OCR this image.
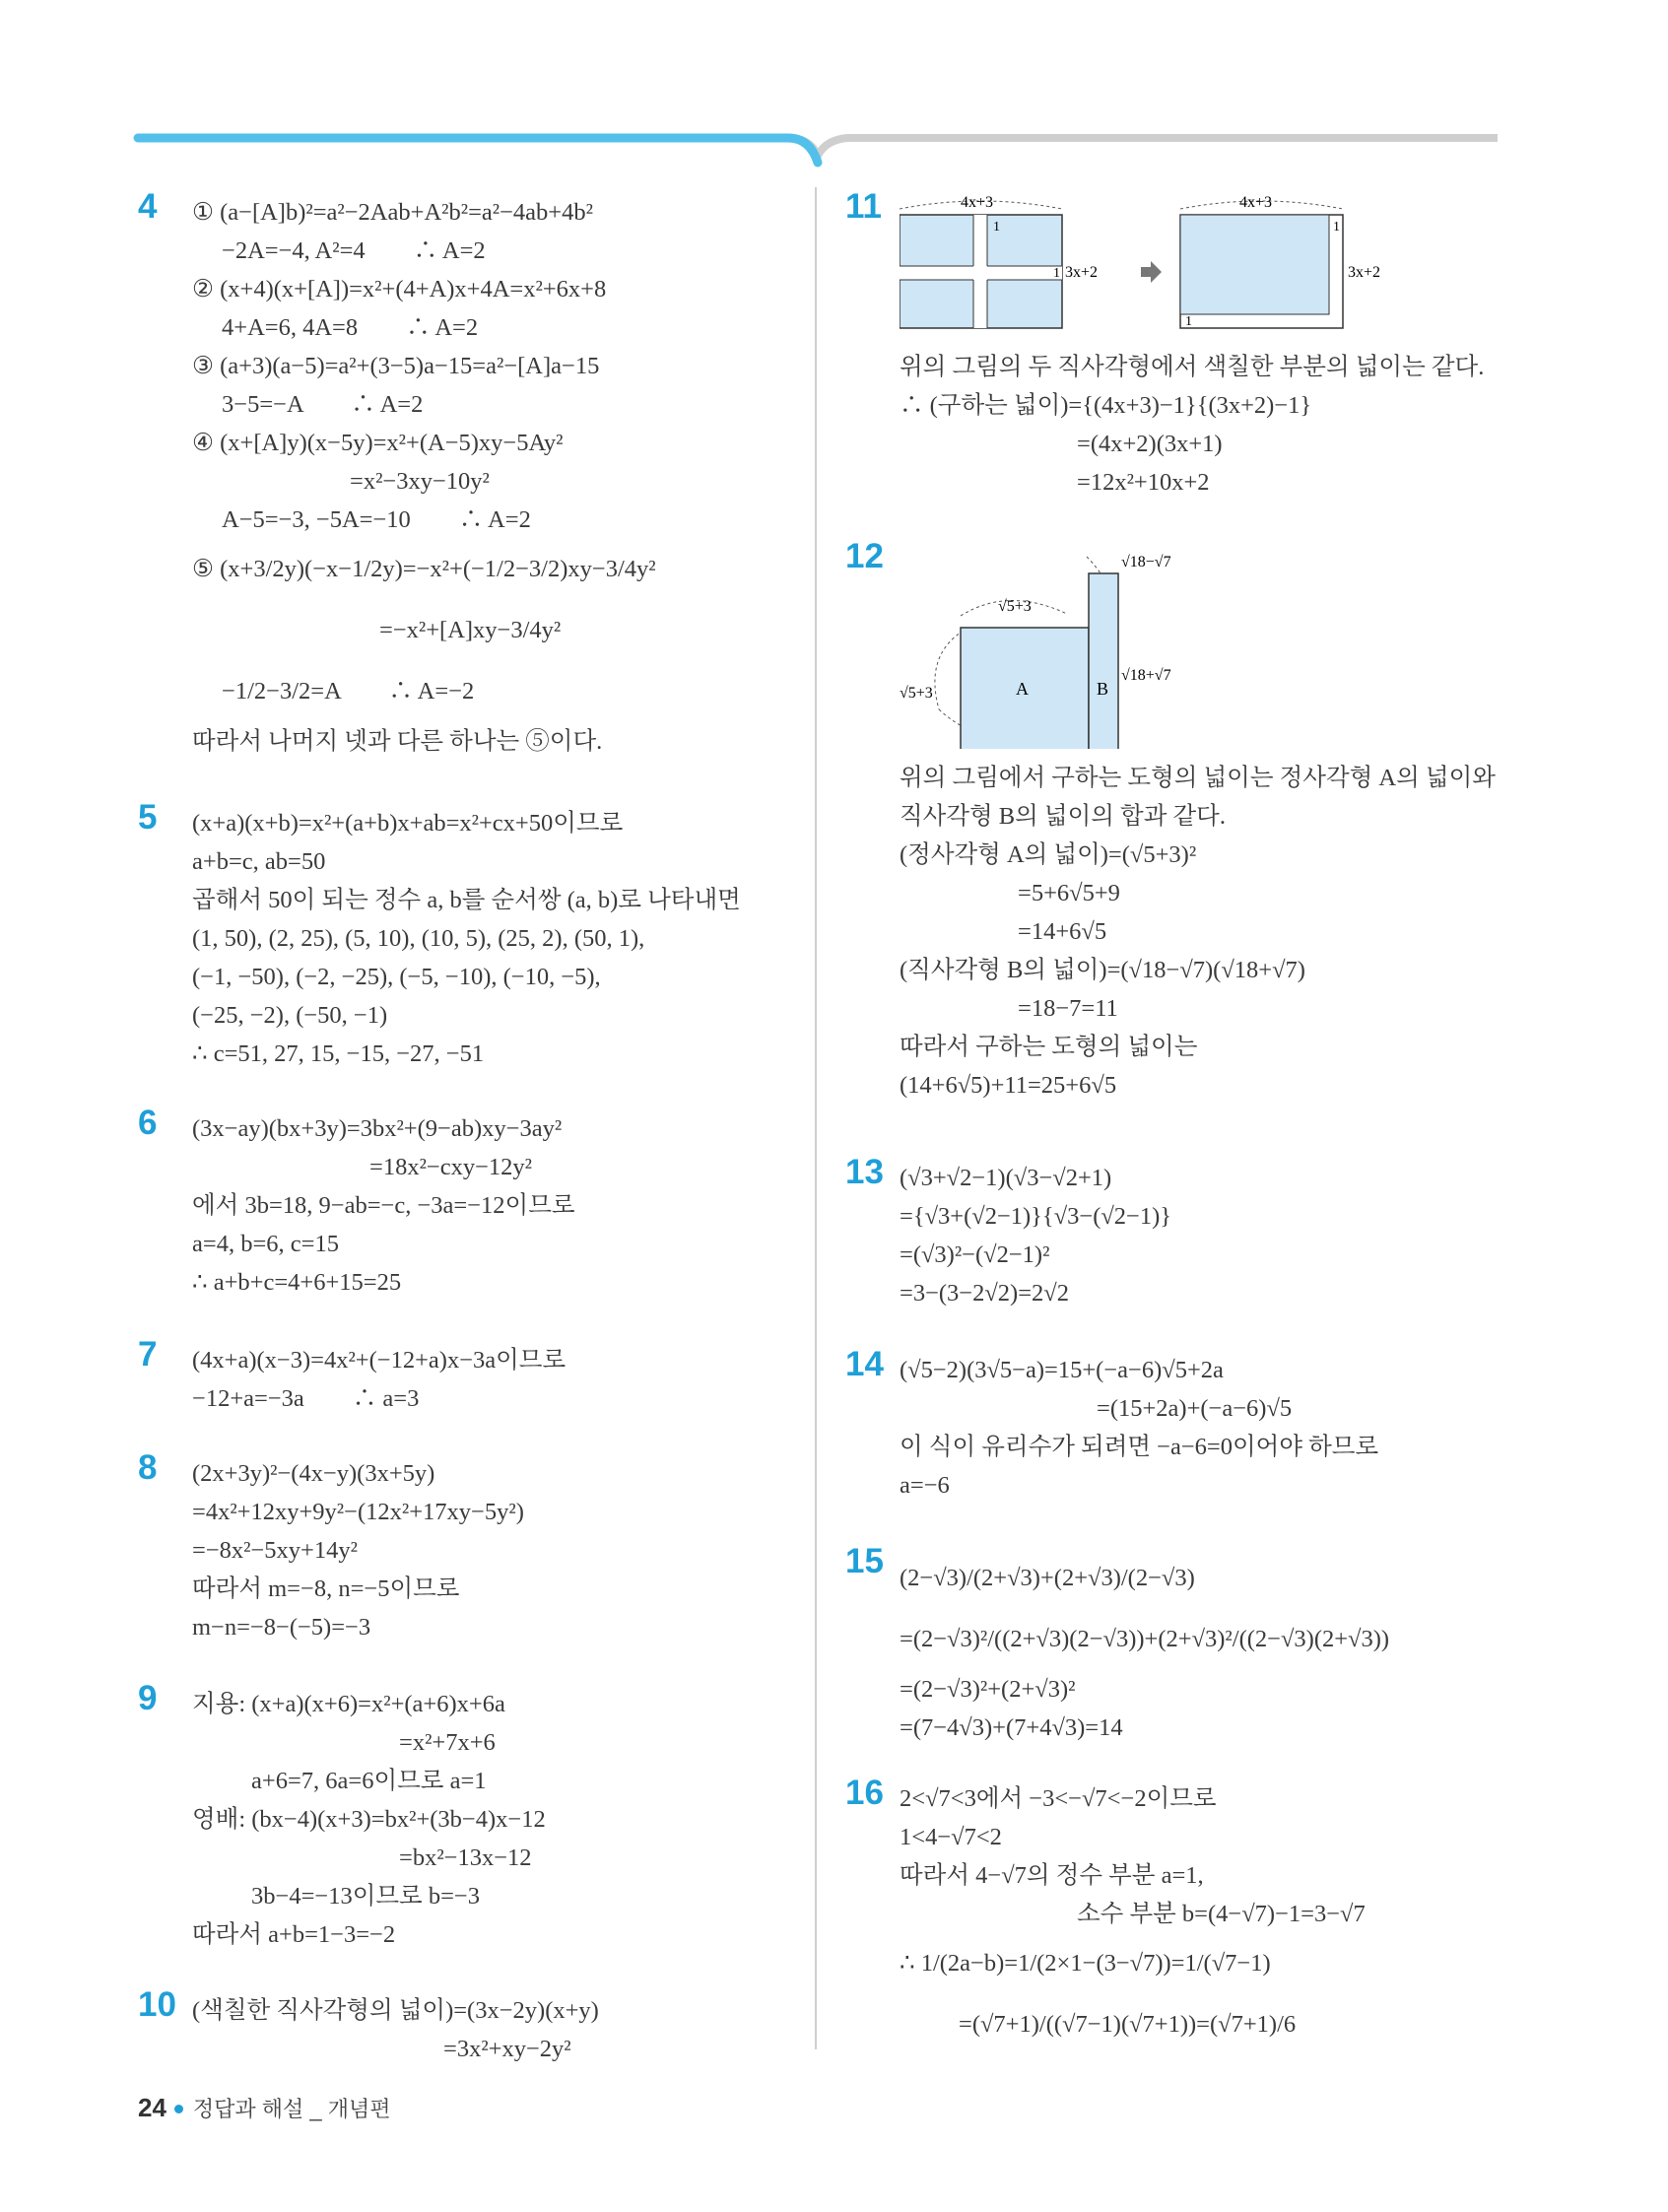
4 ① (a−[A]b)²=a²−2Aab+A²b²=a²−4ab+4b²
−2A=−4, A²=4　　∴ A=2
② (x+4)(x+[A])=x²+(4+A)x+4A=x²+6x+8
4+A=6, 4A=8　　∴ A=2
③ (a+3)(a−5)=a²+(3−5)a−15=a²−[A]a−15
3−5=−A　　∴ A=2
④ (x+[A]y)(x−5y)=x²+(A−5)xy−5Ay²
=x²−3xy−10y²
A−5=−3, −5A=−10　　∴ A=2
⑤ (x+3/2y)(−x−1/2y)=−x²+(−1/2−3/2)xy−3/4y²
=−x²+[A]xy−3/4y²
−1/2−3/2=A　　∴ A=−2
따라서 나머지 넷과 다른 하나는 ⑤이다.
5 (x+a)(x+b)=x²+(a+b)x+ab=x²+cx+50이므로
a+b=c, ab=50
곱해서 50이 되는 정수 a, b를 순서쌍 (a, b)로 나타내면
(1, 50), (2, 25), (5, 10), (10, 5), (25, 2), (50, 1),
(−1, −50), (−2, −25), (−5, −10), (−10, −5),
(−25, −2), (−50, −1)
∴ c=51, 27, 15, −15, −27, −51
6 (3x−ay)(bx+3y)=3bx²+(9−ab)xy−3ay²
=18x²−cxy−12y²
에서 3b=18, 9−ab=−c, −3a=−12이므로
a=4, b=6, c=15
∴ a+b+c=4+6+15=25
7 (4x+a)(x−3)=4x²+(−12+a)x−3a이므로
−12+a=−3a　　∴ a=3
8 (2x+3y)²−(4x−y)(3x+5y)
=4x²+12xy+9y²−(12x²+17xy−5y²)
=−8x²−5xy+14y²
따라서 m=−8, n=−5이므로
m−n=−8−(−5)=−3
9 지용: (x+a)(x+6)=x²+(a+6)x+6a
=x²+7x+6
a+6=7, 6a=6이므로 a=1
영배: (bx−4)(x+3)=bx²+(3b−4)x−12
=bx²−13x−12
3b−4=−13이므로 b=−3
따라서 a+b=1−3=−2
10 (색칠한 직사각형의 넓이)=(3x−2y)(x+y)
=3x²+xy−2y²
11	4x+3
3x+2
1
1
4x+3
3x+2
1
1
위의 그림의 두 직사각형에서 색칠한 부분의 넓이는 같다.
∴ (구하는 넓이)={(4x+3)−1}{(3x+2)−1}
=(4x+2)(3x+1)
=12x²+10x+2
12
A	B
√5+3
√5+3
√18+√7
√18−√7
위의 그림에서 구하는 도형의 넓이는 정사각형 A의 넓이와
직사각형 B의 넓이의 합과 같다.
(정사각형 A의 넓이)=(√5+3)²
=5+6√5+9
=14+6√5
(직사각형 B의 넓이)=(√18−√7)(√18+√7)
=18−7=11
따라서 구하는 도형의 넓이는
(14+6√5)+11=25+6√5
13 (√3+√2−1)(√3−√2+1)
={√3+(√2−1)}{√3−(√2−1)}
=(√3)²−(√2−1)²
=3−(3−2√2)=2√2
14 (√5−2)(3√5−a)=15+(−a−6)√5+2a
=(15+2a)+(−a−6)√5
이 식이 유리수가 되려면 −a−6=0이어야 하므로
a=−6
15 (2−√3)/(2+√3)+(2+√3)/(2−√3)
=(2−√3)²/((2+√3)(2−√3))+(2+√3)²/((2−√3)(2+√3))
=(2−√3)²+(2+√3)²
=(7−4√3)+(7+4√3)=14
16 2<√7<3에서 −3<−√7<−2이므로
1<4−√7<2
따라서 4−√7의 정수 부분 a=1,
소수 부분 b=(4−√7)−1=3−√7
∴ 1/(2a−b)=1/(2×1−(3−√7))=1/(√7−1)
=(√7+1)/((√7−1)(√7+1))=(√7+1)/6
24 정답과 해설 _ 개념편
